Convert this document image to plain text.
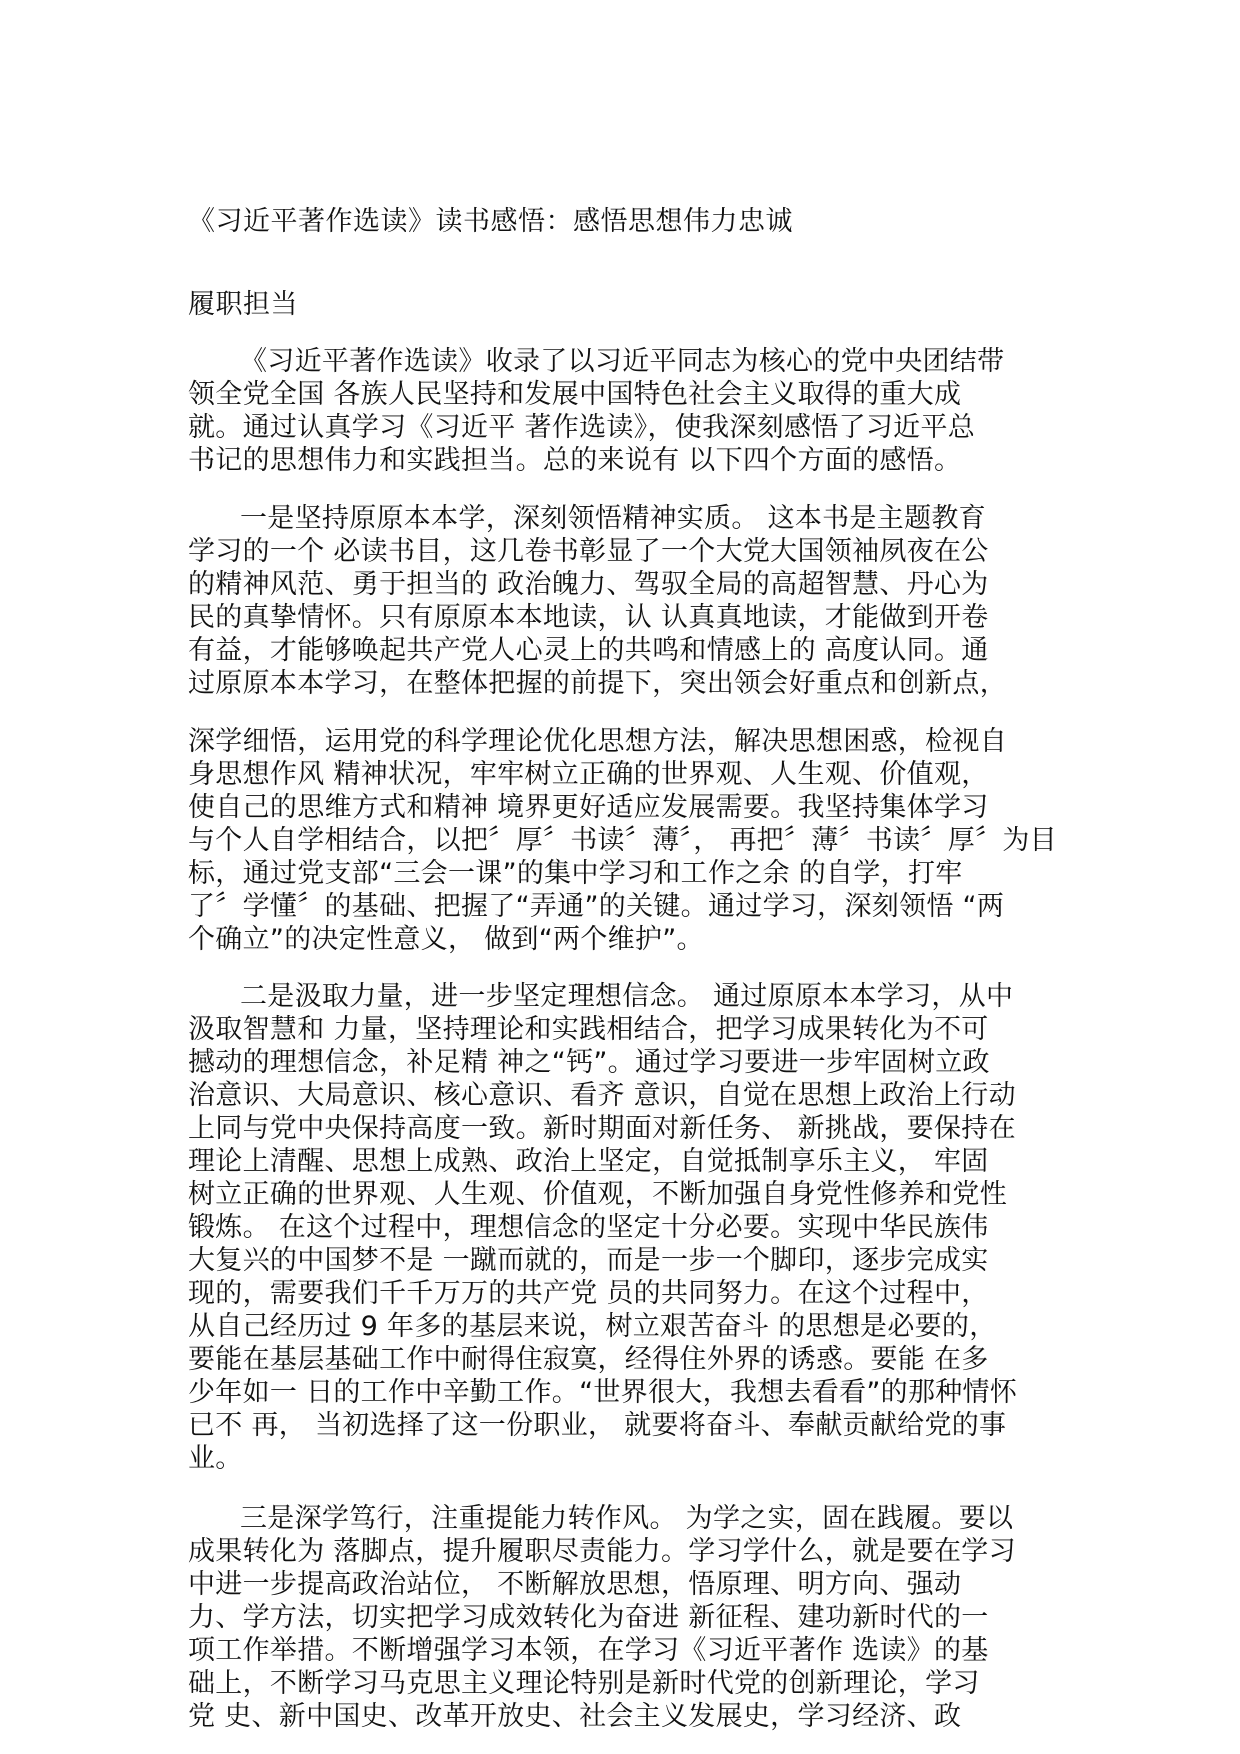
《习近平著作选读》读书感悟：感悟思想伟力忠诚
履职担当
《习近平著作选读》收录了以习近平同志为核心的党中央团结带
领全党全国 各族人民坚持和发展中国特色社会主义取得的重大成
就。通过认真学习《习近平 著作选读》，使我深刻感悟了习近平总
书记的思想伟力和实践担当。总的来说有 以下四个方面的感悟。
一是坚持原原本本学，深刻领悟精神实质。 这本书是主题教育
学习的一个 必读书目，这几卷书彰显了一个大党大国领袖夙夜在公
的精神风范、勇于担当的 政治魄力、驾驭全局的高超智慧、丹心为
民的真挚情怀。只有原原本本地读，认 认真真地读，才能做到开卷
有益，才能够唤起共产党人心灵上的共鸣和情感上的 高度认同。通
过原原本本学习，在整体把握的前提下，突出领会好重点和创新点，
深学细悟，运用党的科学理论优化思想方法，解决思想困惑，检视自
身思想作风 精神状况，牢牢树立正确的世界观、人生观、价值观，
使自己的思维方式和精神 境界更好适应发展需要。我坚持集体学习
与个人自学相结合，以把〞厚〞书读〞薄〞， 再把〞薄〞书读〞厚〞为目
标，通过党支部“三会一课”的集中学习和工作之余 的自学，打牢
了〞学懂〞的基础、把握了“弄通”的关键。通过学习，深刻领悟 “两
个确立”的决定性意义， 做到“两个维护”。
二是汲取力量，进一步坚定理想信念。 通过原原本本学习，从中
汲取智慧和 力量，坚持理论和实践相结合，把学习成果转化为不可
撼动的理想信念，补足精 神之“钙”。通过学习要进一步牢固树立政
治意识、大局意识、核心意识、看齐 意识，自觉在思想上政治上行动
上同与党中央保持高度一致。新时期面对新任务、 新挑战，要保持在
理论上清醒、思想上成熟、政治上坚定，自觉抵制享乐主义， 牢固
树立正确的世界观、人生观、价值观，不断加强自身党性修养和党性
锻炼。 在这个过程中，理想信念的坚定十分必要。实现中华民族伟
大复兴的中国梦不是 一蹴而就的，而是一步一个脚印，逐步完成实
现的，需要我们千千万万的共产党 员的共同努力。在这个过程中，
从自己经历过 9 年多的基层来说，树立艰苦奋斗 的思想是必要的，
要能在基层基础工作中耐得住寂寞，经得住外界的诱惑。要能 在多
少年如一 日的工作中辛勤工作。“世界很大，我想去看看”的那种情怀
已不 再， 当初选择了这一份职业， 就要将奋斗、奉献贡献给党的事
业。
三是深学笃行，注重提能力转作风。 为学之实，固在践履。要以
成果转化为 落脚点，提升履职尽责能力。学习学什么，就是要在学习
中进一步提高政治站位， 不断解放思想，悟原理、明方向、强动
力、学方法，切实把学习成效转化为奋进 新征程、建功新时代的一
项工作举措。不断增强学习本领，在学习《习近平著作 选读》的基
础上，不断学习马克思主义理论特别是新时代党的创新理论，学习
党 史、新中国史、改革开放史、社会主义发展史，学习经济、政
